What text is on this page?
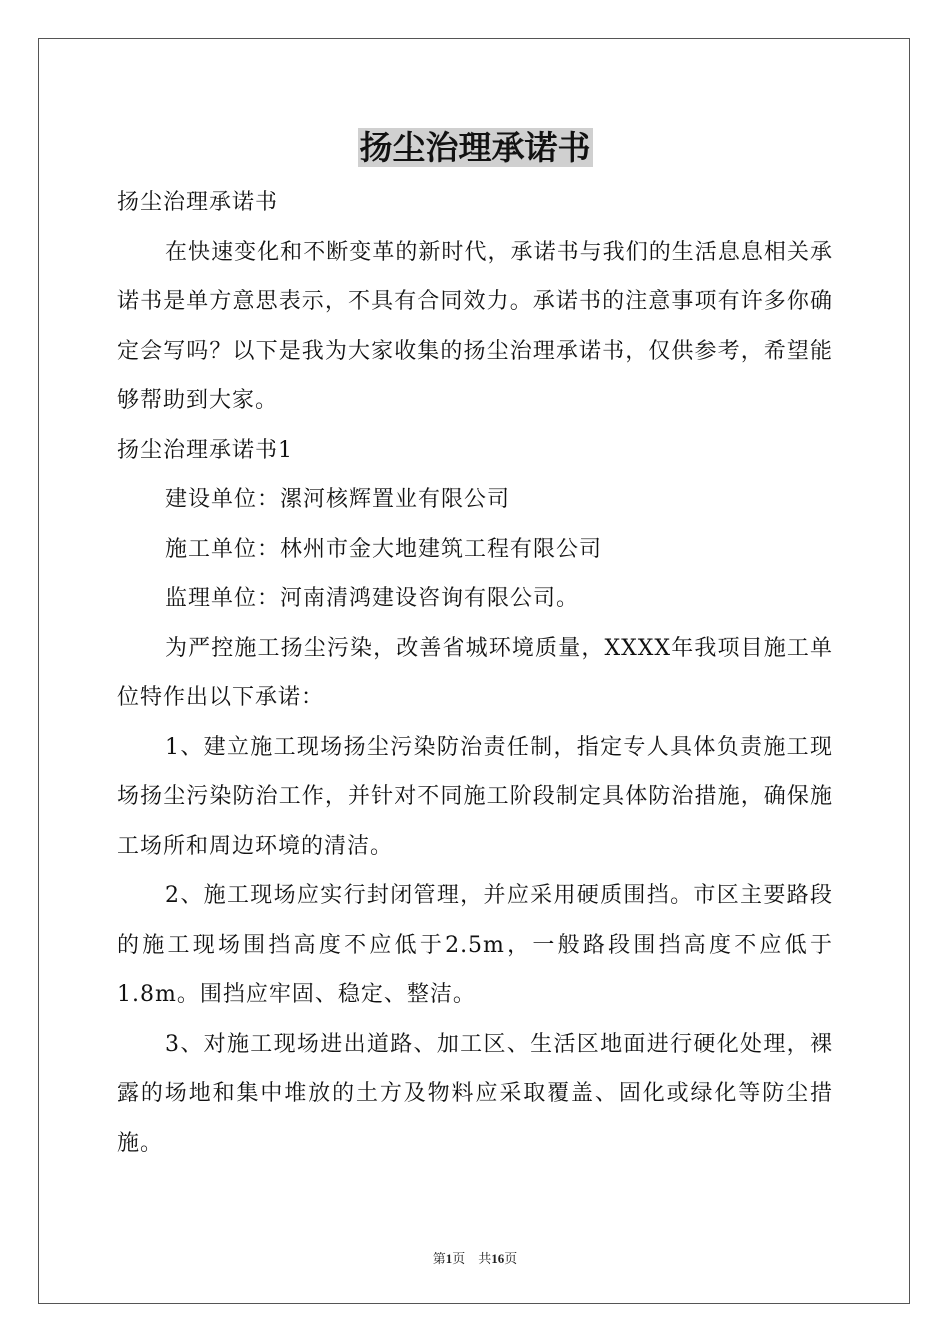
扬尘治理承诺书

扬尘治理承诺书

在快速变化和不断变革的新时代，承诺书与我们的生活息息相关承诺书是单方意思表示，不具有合同效力。承诺书的注意事项有许多你确定会写吗？以下是我为大家收集的扬尘治理承诺书，仅供参考，希望能够帮助到大家。

扬尘治理承诺书1

建设单位：漯河核辉置业有限公司

施工单位：林州市金大地建筑工程有限公司

监理单位：河南清鸿建设咨询有限公司。

为严控施工扬尘污染，改善省城环境质量，XXXX年我项目施工单位特作出以下承诺：

1、建立施工现场扬尘污染防治责任制，指定专人具体负责施工现场扬尘污染防治工作，并针对不同施工阶段制定具体防治措施，确保施工场所和周边环境的清洁。

2、施工现场应实行封闭管理，并应采用硬质围挡。市区主要路段的施工现场围挡高度不应低于2.5m，一般路段围挡高度不应低于1.8m。围挡应牢固、稳定、整洁。

3、对施工现场进出道路、加工区、生活区地面进行硬化处理，裸露的场地和集中堆放的土方及物料应采取覆盖、固化或绿化等防尘措施。

第1页　共16页
